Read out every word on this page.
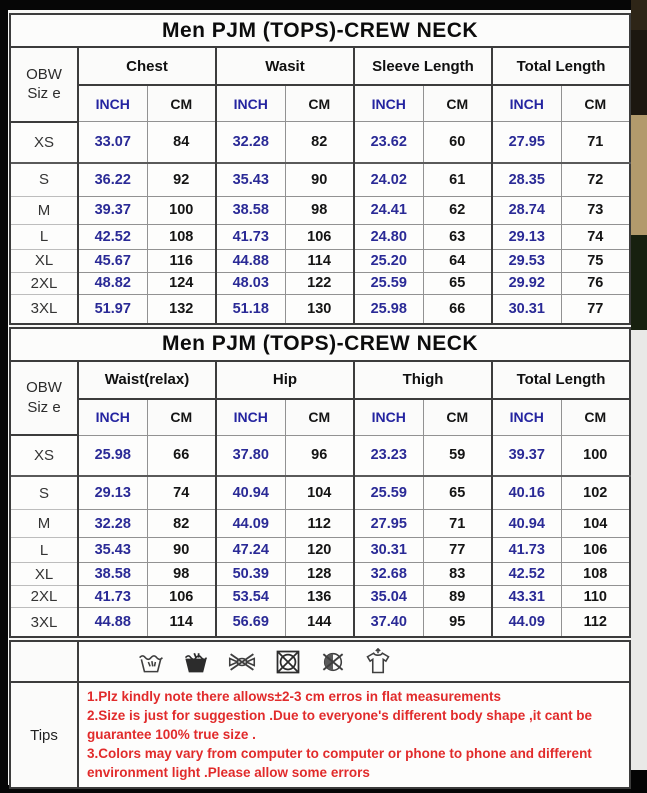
Men PJM (TOPS)-CREW NECK								

OBW
Siz e	Chest		Wasit		Sleeve Length		Total Length	
	INCH	CM	INCH	CM	INCH	CM	INCH	CM
XS	33.07	84	32.28	82	23.62	60	27.95	71
S	36.22	92	35.43	90	24.02	61	28.35	72
M	39.37	100	38.58	98	24.41	62	28.74	73
L	42.52	108	41.73	106	24.80	63	29.13	74
XL	45.67	116	44.88	114	25.20	64	29.53	75
2XL	48.82	124	48.03	122	25.59	65	29.92	76
3XL	51.97	132	51.18	130	25.98	66	30.31	77
Men PJM (TOPS)-CREW NECK								

OBW
Siz e	Waist(relax)		Hip		Thigh		Total Length	
	INCH	CM	INCH	CM	INCH	CM	INCH	CM
XS	25.98	66	37.80	96	23.23	59	39.37	100
S	29.13	74	40.94	104	25.59	65	40.16	102
M	32.28	82	44.09	112	27.95	71	40.94	104
L	35.43	90	47.24	120	30.31	77	41.73	106
XL	38.58	98	50.39	128	32.68	83	42.52	108
2XL	41.73	106	53.54	136	35.04	89	43.31	110
3XL	44.88	114	56.69	144	37.40	95	44.09	112

Tips	1.Plz kindly note there allows±2-3 cm erros in flat measurements
2.Size is just for suggestion .Due to everyone's different body shape ,it cant be guarantee 100% true size .
3.Colors may vary from computer to computer or phone to phone and different environment light .Please allow some errors
